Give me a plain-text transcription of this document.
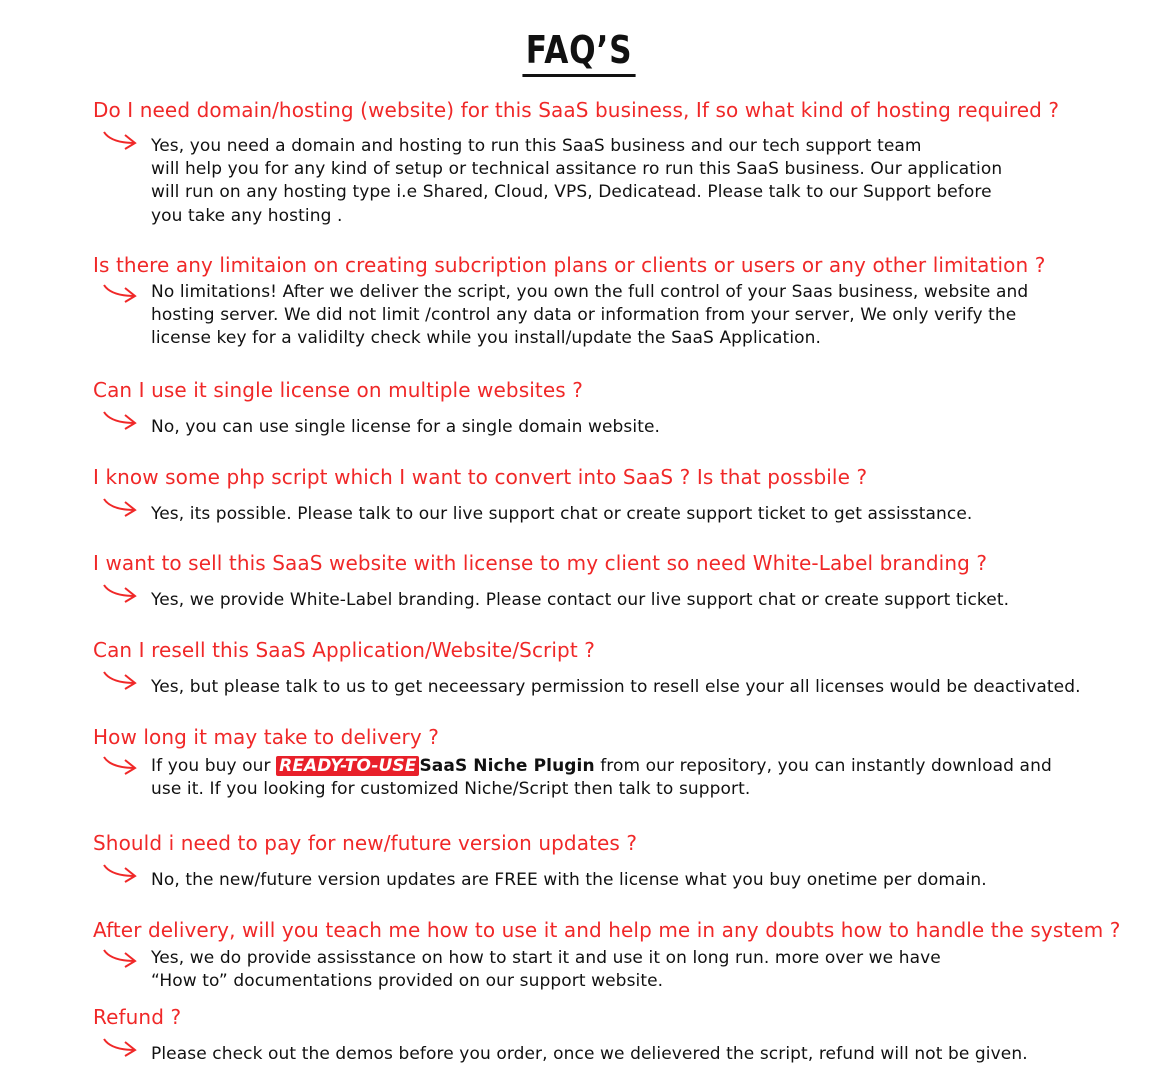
FAQ’S

Do I need domain/hosting (website) for this SaaS business, If so what kind of hosting required ?

Yes, you need a domain and hosting to run this SaaS business and our tech support team
will help you for any kind of setup or technical assitance ro run this SaaS business. Our application
will run on any hosting type i.e Shared, Cloud, VPS, Dedicatead. Please talk to our Support before
you take any hosting .

Is there any limitaion on creating subcription plans or clients or users or any other limitation ?

No limitations! After we deliver the script, you own the full control of your Saas business, website and
hosting server. We did not limit /control any data or information from your server, We only verify the
license key for a validilty check while you install/update the SaaS Application.

Can I use it single license on multiple websites ?

No, you can use single license for a single domain website.

I know some php script which I want to convert into SaaS ? Is that possbile ?

Yes, its possible. Please talk to our live support chat or create support ticket to get assisstance.

I want to sell this SaaS website with license to my client so need White-Label branding ?

Yes, we provide White-Label branding. Please contact our live support chat or create support ticket.

Can I resell this SaaS Application/Website/Script ?

Yes, but please talk to us to get neceessary permission to resell else your all licenses would be deactivated.

How long it may take to delivery ?

If you buy our READY-TO-USE SaaS Niche Plugin from our repository, you can instantly download and
use it. If you looking for customized Niche/Script then talk to support.

Should i need to pay for new/future version updates ?

No, the new/future version updates are FREE with the license what you buy onetime per domain.

After delivery, will you teach me how to use it and help me in any doubts how to handle the system ?

Yes, we do provide assisstance on how to start it and use it on long run. more over we have
“How to” documentations provided on our support website.

Refund ?

Please check out the demos before you order, once we delievered the script, refund will not be given.
